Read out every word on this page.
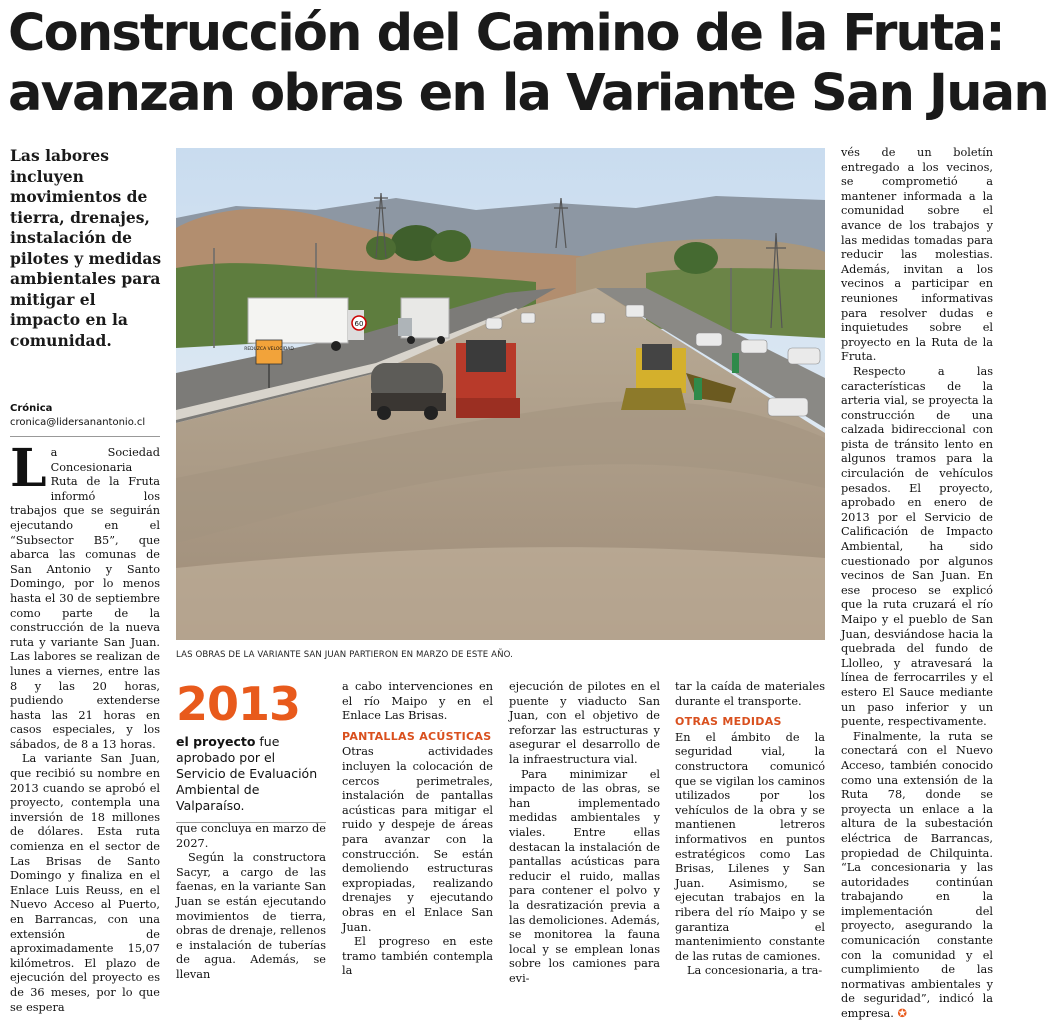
Construcción del Camino de la Fruta:
avanzan obras en la Variante San Juan

Las labores incluyen movimientos de tierra, drenajes, instalación de pilotes y medidas ambientales para mitigar el impacto en la comunidad.

Crónica
cronica@lidersanantonio.cl
REDUZCA VELOCIDAD
60
LAS OBRAS DE LA VARIANTE SAN JUAN PARTIERON EN MARZO DE ESTE AÑO.
2013
el proyecto fue aprobado por el Servicio de Evaluación Ambiental de Valparaíso.

La Sociedad Concesionaria Ruta de la Fruta informó los trabajos que se seguirán ejecutando en el “Subsector B5”, que abarca las comunas de San Antonio y Santo Domingo, por lo menos hasta el 30 de septiembre como parte de la construcción de la nueva ruta y variante San Juan. Las labores se realizan de lunes a viernes, entre las 8 y las 20 horas, pudiendo extenderse hasta las 21 horas en casos especiales, y los sábados, de 8 a 13 horas.

La variante San Juan, que recibió su nombre en 2013 cuando se aprobó el proyecto, contempla una inversión de 18 millones de dólares. Esta ruta comienza en el sector de Las Brisas de Santo Domingo y finaliza en el Enlace Luis Reuss, en el Nuevo Acceso al Puerto, en Barrancas, con una extensión de aproximadamente 15,07 kilómetros. El plazo de ejecución del proyecto es de 36 meses, por lo que se espera

que concluya en marzo de 2027.

Según la constructora Sacyr, a cargo de las faenas, en la variante San Juan se están ejecutando movimientos de tierra, obras de drenaje, rellenos e instalación de tuberías de agua. Además, se llevan

a cabo intervenciones en el río Maipo y en el Enlace Las Brisas.

PANTALLAS ACÚSTICAS

Otras actividades incluyen la colocación de cercos perimetrales, instalación de pantallas acústicas para mitigar el ruido y despeje de áreas para avanzar con la construcción. Se están demoliendo estructuras expropiadas, realizando drenajes y ejecutando obras en el Enlace San Juan.

El progreso en este tramo también contempla la

ejecución de pilotes en el puente y viaducto San Juan, con el objetivo de reforzar las estructuras y asegurar el desarrollo de la infraestructura vial.

Para minimizar el impacto de las obras, se han implementado medidas ambientales y viales. Entre ellas destacan la instalación de pantallas acústicas para reducir el ruido, mallas para contener el polvo y la desratización previa a las demoliciones. Además, se monitorea la fauna local y se emplean lonas sobre los camiones para evi-

tar la caída de materiales durante el transporte.

OTRAS MEDIDAS

En el ámbito de la seguridad vial, la constructora comunicó que se vigilan los caminos utilizados por los vehículos de la obra y se mantienen letreros informativos en puntos estratégicos como Las Brisas, Lilenes y San Juan. Asimismo, se ejecutan trabajos en la ribera del río Maipo y se garantiza el mantenimiento constante de las rutas de camiones.

La concesionaria, a tra-

vés de un boletín entregado a los vecinos, se comprometió a mantener informada a la comunidad sobre el avance de los trabajos y las medidas tomadas para reducir las molestias. Además, invitan a los vecinos a participar en reuniones informativas para resolver dudas e inquietudes sobre el proyecto en la Ruta de la Fruta.

Respecto a las características de la arteria vial, se proyecta la construcción de una calzada bidireccional con pista de tránsito lento en algunos tramos para la circulación de vehículos pesados. El proyecto, aprobado en enero de 2013 por el Servicio de Calificación de Impacto Ambiental, ha sido cuestionado por algunos vecinos de San Juan. En ese proceso se explicó que la ruta cruzará el río Maipo y el pueblo de San Juan, desviándose hacia la quebrada del fundo de Llolleo, y atravesará la línea de ferrocarriles y el estero El Sauce mediante un paso inferior y un puente, respectivamente.

Finalmente, la ruta se conectará con el Nuevo Acceso, también conocido como una extensión de la Ruta 78, donde se proyecta un enlace a la altura de la subestación eléctrica de Barrancas, propiedad de Chilquinta. “La concesionaria y las autoridades continúan trabajando en la implementación del proyecto, asegurando la comunicación constante con la comunidad y el cumplimiento de las normativas ambientales y de seguridad”, indicó la empresa. ✪
